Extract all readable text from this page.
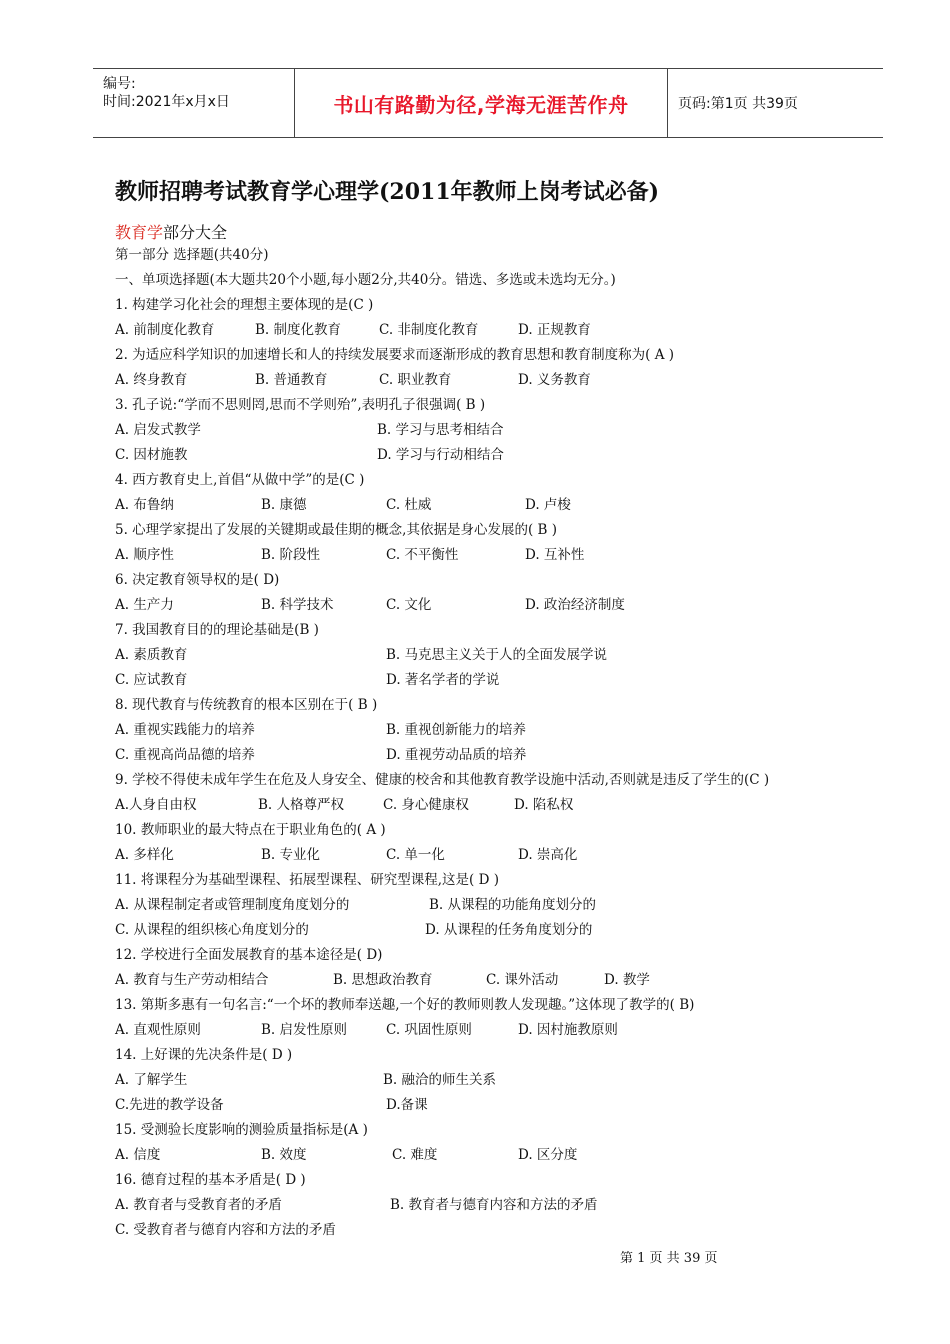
编号:
时间:2021年x月x日	书山有路勤为径,学海无涯苦作舟	页码:第1页 共39页
教师招聘考试教育学心理学(2011年教师上岗考试必备)
教育学部分大全
第一部分 选择题(共40分)
一、单项选择题(本大题共20个小题,每小题2分,共40分。错选、多选或未选均无分。)
1. 构建学习化社会的理想主要体现的是(C )
A. 前制度化教育	B. 制度化教育	C. 非制度化教育	D. 正规教育
2. 为适应科学知识的加速增长和人的持续发展要求而逐渐形成的教育思想和教育制度称为( A )
A. 终身教育	B. 普通教育	C. 职业教育	D. 义务教育
3. 孔子说:“学而不思则罔,思而不学则殆”,表明孔子很强调( B )
A. 启发式教学	B. 学习与思考相结合
C. 因材施教	D. 学习与行动相结合
4. 西方教育史上,首倡“从做中学”的是(C )
A. 布鲁纳	B. 康德	C. 杜威	D. 卢梭
5. 心理学家提出了发展的关键期或最佳期的概念,其依据是身心发展的( B )
A. 顺序性	B. 阶段性	C. 不平衡性	D. 互补性
6. 决定教育领导权的是( D)
A. 生产力	B. 科学技术	C. 文化	D. 政治经济制度
7. 我国教育目的的理论基础是(B )
A. 素质教育	B. 马克思主义关于人的全面发展学说
C. 应试教育	D. 著名学者的学说
8. 现代教育与传统教育的根本区别在于( B )
A. 重视实践能力的培养	B. 重视创新能力的培养
C. 重视高尚品德的培养	D. 重视劳动品质的培养
9. 学校不得使未成年学生在危及人身安全、健康的校舍和其他教育教学设施中活动,否则就是违反了学生的(C )
A.人身自由权	B. 人格尊严权	C. 身心健康权	D. 陷私权
10. 教师职业的最大特点在于职业角色的( A )
A. 多样化	B. 专业化	C. 单一化	D. 崇高化
11. 将课程分为基础型课程、拓展型课程、研究型课程,这是( D )
A. 从课程制定者或管理制度角度划分的	B. 从课程的功能角度划分的
C. 从课程的组织核心角度划分的	D. 从课程的任务角度划分的
12. 学校进行全面发展教育的基本途径是( D)
A. 教育与生产劳动相结合	B. 思想政治教育	C. 课外活动	D. 教学
13. 第斯多惠有一句名言:“一个坏的教师奉送趣,一个好的教师则教人发现趣。”这体现了教学的( B)
A. 直观性原则	B. 启发性原则	C. 巩固性原则	D. 因村施教原则
14. 上好课的先决条件是( D )
A. 了解学生	B. 融洽的师生关系
C.先进的教学设备	D.备课
15. 受测验长度影响的测验质量指标是(A )
A. 信度	B. 效度	C. 难度	D. 区分度
16. 德育过程的基本矛盾是( D )
A. 教育者与受教育者的矛盾	B. 教育者与德育内容和方法的矛盾
C. 受教育者与德育内容和方法的矛盾
第 1 页 共 39 页
